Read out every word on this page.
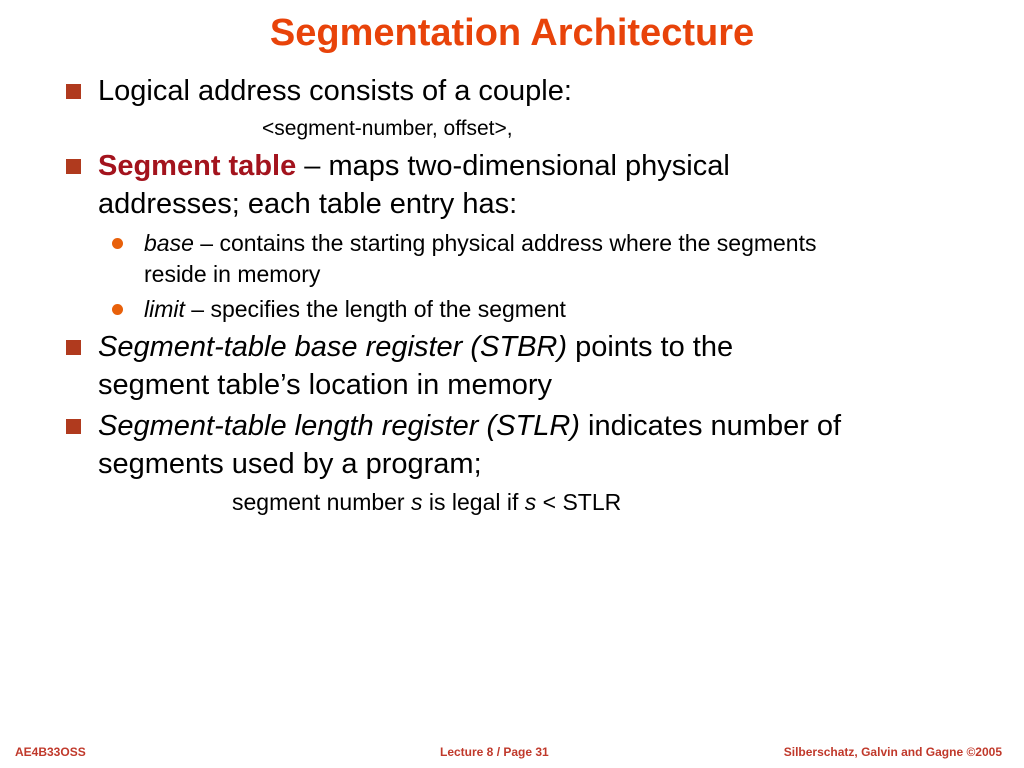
Segmentation Architecture
Logical address consists of a couple:
<segment-number, offset>,
Segment table – maps two-dimensional physical
addresses; each table entry has:
base – contains the starting physical address where the segments
reside in memory
limit – specifies the length of the segment
Segment-table base register (STBR) points to the
segment table’s location in memory
Segment-table length register (STLR) indicates number of
segments used by a program;
segment number s is legal if s < STLR
AE4B33OSS	Lecture 8 / Page 31	Silberschatz, Galvin and Gagne ©2005
